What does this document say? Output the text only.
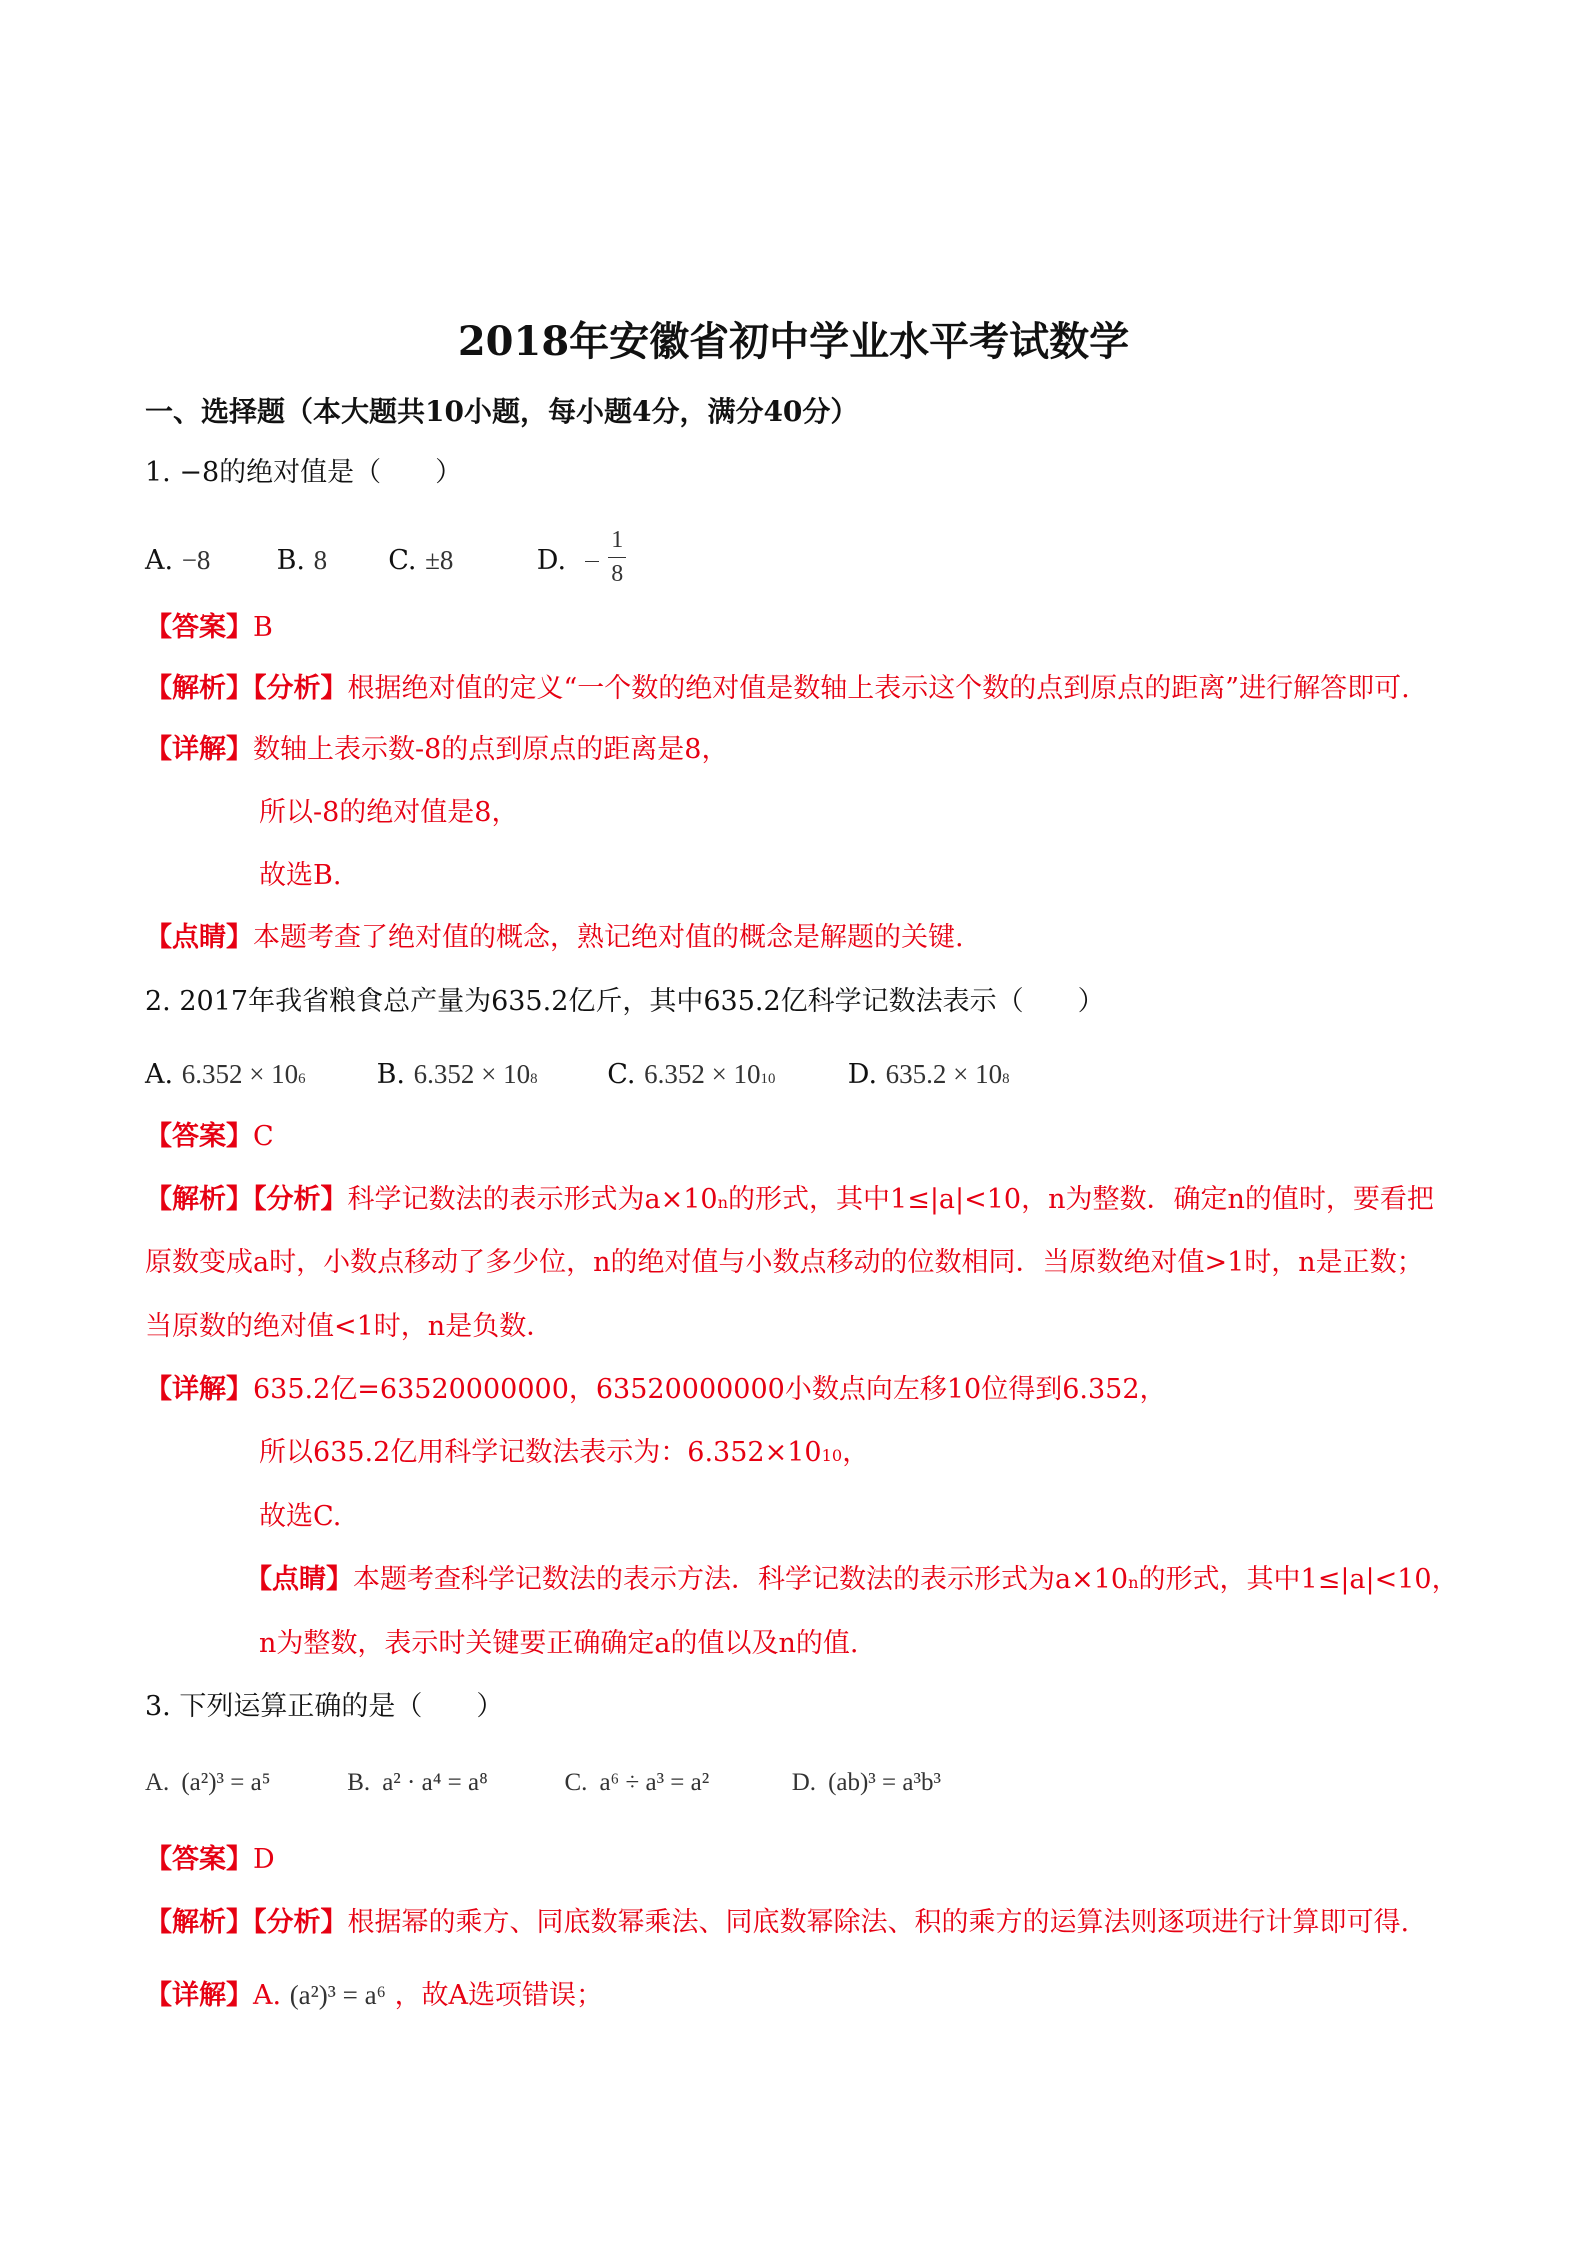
2018年安徽省初中学业水平考试数学
一、选择题（本大题共10小题，每小题4分，满分40分）
1. −8的绝对值是（　　）
A. −8 B. 8 C. ±8	D. $\frac{1}{8}$
【答案】B
【解析】【分析】根据绝对值的定义“一个数的绝对值是数轴上表示这个数的点到原点的距离”进行解答即可.
【详解】数轴上表示数-8的点到原点的距离是8，
所以-8的绝对值是8，
故选B.
【点睛】本题考查了绝对值的概念，熟记绝对值的概念是解题的关键.
2. 2017年我省粮食总产量为635.2亿斤，其中635.2亿科学记数法表示（　　）
A. $6.352 \times 10^6$	B. $6.352 \times 10^8$	C. $6.352 \times 10^{10}$	D. $635.2 \times 10^8$
【答案】C
【解析】【分析】科学记数法的表示形式为$a\times 10^n$的形式，其中1≤|a|<10，n为整数．确定n的值时，要看把
原数变成a时，小数点移动了多少位，n的绝对值与小数点移动的位数相同．当原数绝对值>1时，n是正数；
当原数的绝对值<1时，n是负数．
【详解】635.2亿=63520000000，63520000000小数点向左移10位得到6.352，
所以635.2亿用科学记数法表示为：$6.352\times 10^{10}$，
故选C.
【点睛】本题考查科学记数法的表示方法．科学记数法的表示形式为$a\times 10^n$的形式，其中1≤|a|<10，
n为整数，表示时关键要正确确定a的值以及n的值.
3. 下列运算正确的是（　　）
A. (a²)³ = a⁵	B. a² · a⁴ = a⁸	C. a⁶ ÷ a³ = a²	D. (ab)³ = a³b³
【答案】D
【解析】【分析】根据幂的乘方、同底数幂乘法、同底数幂除法、积的乘方的运算法则逐项进行计算即可得.
【详解】A. (a²)³ = a⁶ ，故A选项错误；
